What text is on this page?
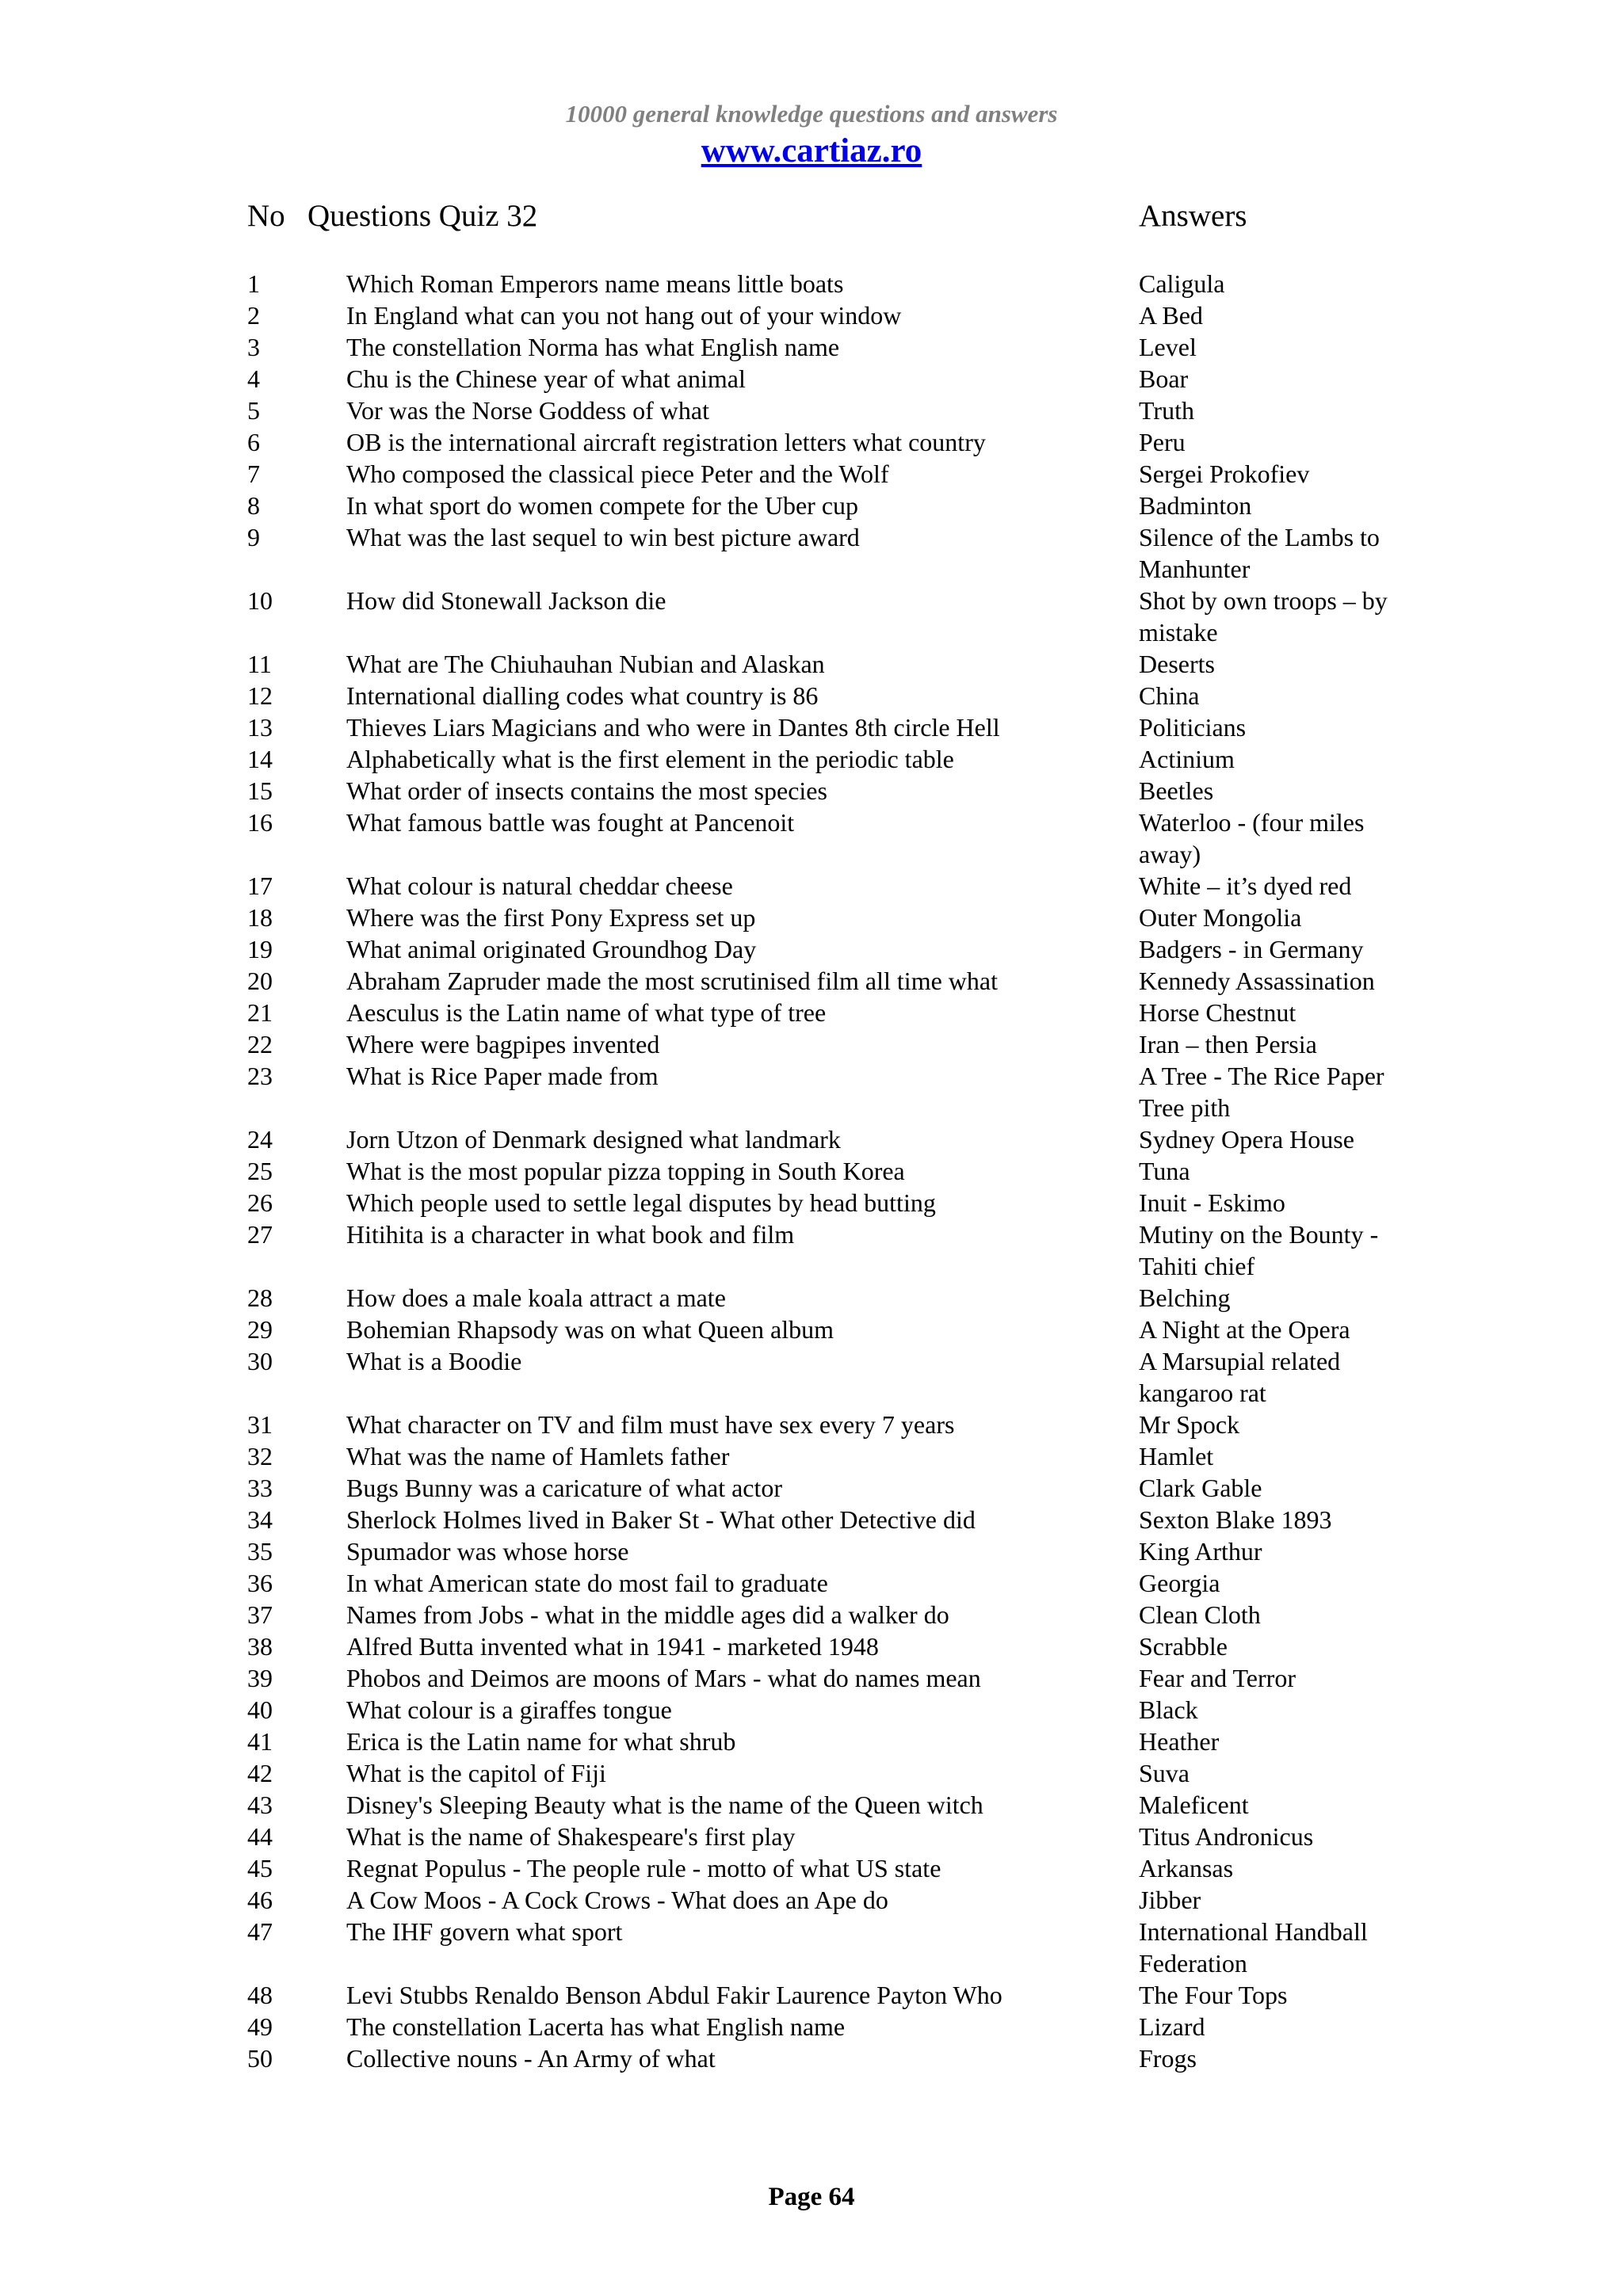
10000 general knowledge questions and answers
www.cartiaz.ro
No Questions Quiz 32	Answers
1	Which Roman Emperors name means little boats	Caligula
2	In England what can you not hang out of your window	A Bed
3	The constellation Norma has what English name	Level
4	Chu is the Chinese year of what animal	Boar
5	Vor was the Norse Goddess of what	Truth
6	OB is the international aircraft registration letters what country	Peru
7	Who composed the classical piece Peter and the Wolf	Sergei Prokofiev
8	In what sport do women compete for the Uber cup	Badminton
9	What was the last sequel to win best picture award	Silence of the Lambs to Manhunter
10	How did Stonewall Jackson die	Shot by own troops – by mistake
11	What are The Chiuhauhan Nubian and Alaskan	Deserts
12	International dialling codes what country is 86	China
13	Thieves Liars Magicians and who were in Dantes 8th circle Hell	Politicians
14	Alphabetically what is the first element in the periodic table	Actinium
15	What order of insects contains the most species	Beetles
16	What famous battle was fought at Pancenoit	Waterloo - (four miles away)
17	What colour is natural cheddar cheese	White – it’s dyed red
18	Where was the first Pony Express set up	Outer Mongolia
19	What animal originated Groundhog Day	Badgers - in Germany
20	Abraham Zapruder made the most scrutinised film all time what	Kennedy Assassination
21	Aesculus is the Latin name of what type of tree	Horse Chestnut
22	Where were bagpipes invented	Iran – then Persia
23	What is Rice Paper made from	A Tree - The Rice Paper Tree pith
24	Jorn Utzon of Denmark designed what landmark	Sydney Opera House
25	What is the most popular pizza topping in South Korea	Tuna
26	Which people used to settle legal disputes by head butting	Inuit - Eskimo
27	Hitihita is a character in what book and film	Mutiny on the Bounty - Tahiti chief
28	How does a male koala attract a mate	Belching
29	Bohemian Rhapsody was on what Queen album	A Night at the Opera
30	What is a Boodie	A Marsupial related kangaroo rat
31	What character on TV and film must have sex every 7 years	Mr Spock
32	What was the name of Hamlets father	Hamlet
33	Bugs Bunny was a caricature of what actor	Clark Gable
34	Sherlock Holmes lived in Baker St - What other Detective did	Sexton Blake 1893
35	Spumador was whose horse	King Arthur
36	In what American state do most fail to graduate	Georgia
37	Names from Jobs - what in the middle ages did a walker do	Clean Cloth
38	Alfred Butta invented what in 1941 - marketed 1948	Scrabble
39	Phobos and Deimos are moons of Mars - what do names mean	Fear and Terror
40	What colour is a giraffes tongue	Black
41	Erica is the Latin name for what shrub	Heather
42	What is the capitol of Fiji	Suva
43	Disney's Sleeping Beauty what is the name of the Queen witch	Maleficent
44	What is the name of Shakespeare's first play	Titus Andronicus
45	Regnat Populus - The people rule - motto of what US state	Arkansas
46	A Cow Moos - A Cock Crows - What does an Ape do	Jibber
47	The IHF govern what sport	International Handball Federation
48	Levi Stubbs Renaldo Benson Abdul Fakir Laurence Payton Who	The Four Tops
49	The constellation Lacerta has what English name	Lizard
50	Collective nouns - An Army of what	Frogs
Page 64
